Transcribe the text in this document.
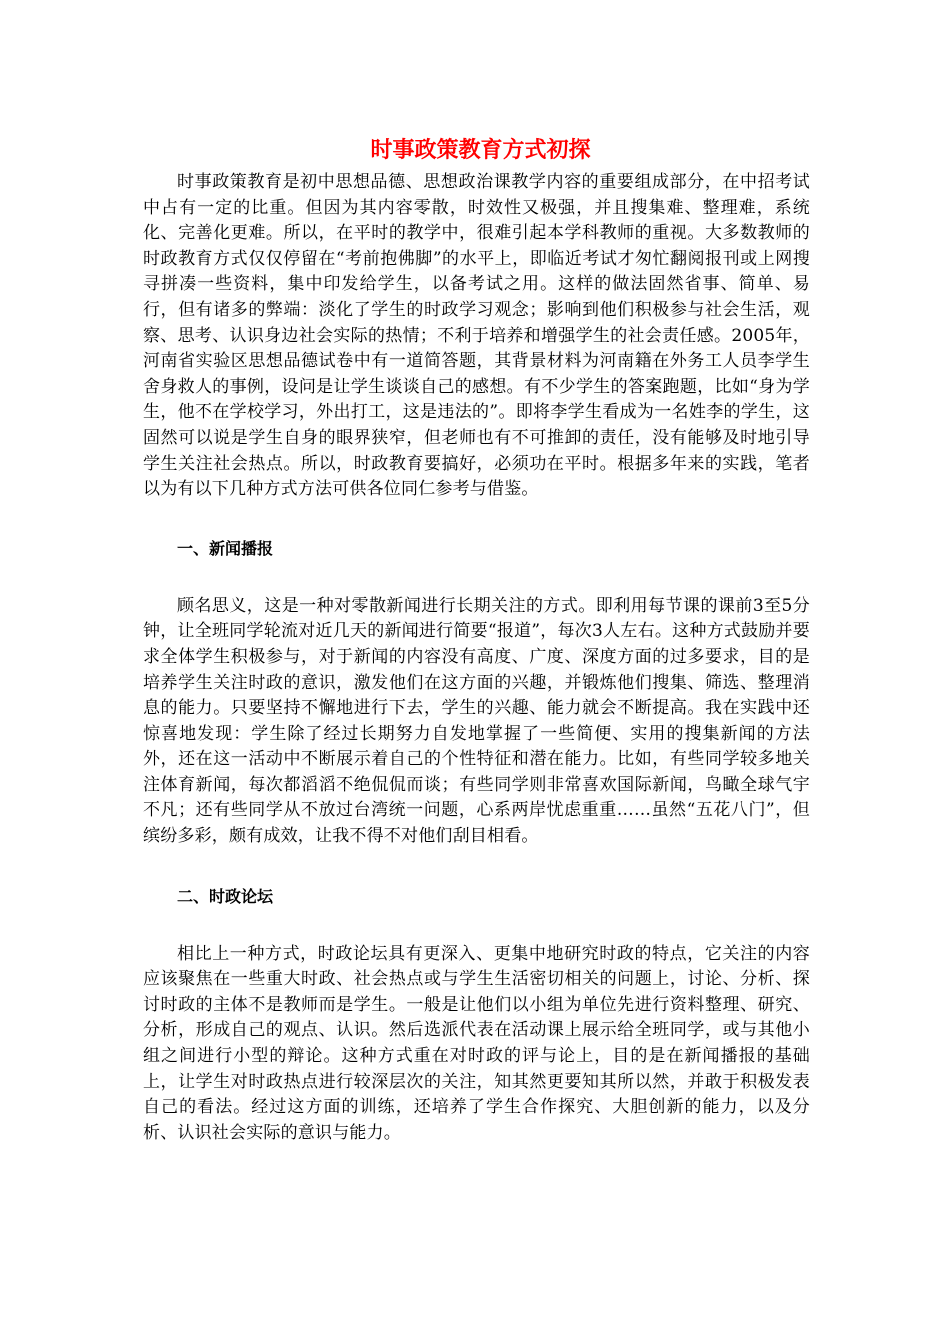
时事政策教育方式初探

时事政策教育是初中思想品德、思想政治课教学内容的重要组成部分，在中招考试中占有一定的比重。但因为其内容零散，时效性又极强，并且搜集难、整理难，系统化、完善化更难。所以，在平时的教学中，很难引起本学科教师的重视。大多数教师的时政教育方式仅仅停留在“考前抱佛脚”的水平上，即临近考试才匆忙翻阅报刊或上网搜寻拼凑一些资料，集中印发给学生，以备考试之用。这样的做法固然省事、简单、易行，但有诸多的弊端：淡化了学生的时政学习观念；影响到他们积极参与社会生活，观察、思考、认识身边社会实际的热情；不利于培养和增强学生的社会责任感。2005年，河南省实验区思想品德试卷中有一道简答题，其背景材料为河南籍在外务工人员李学生舍身救人的事例，设问是让学生谈谈自己的感想。有不少学生的答案跑题，比如“身为学生，他不在学校学习，外出打工，这是违法的”。即将李学生看成为一名姓李的学生，这固然可以说是学生自身的眼界狭窄，但老师也有不可推卸的责任，没有能够及时地引导学生关注社会热点。所以，时政教育要搞好，必须功在平时。根据多年来的实践，笔者以为有以下几种方式方法可供各位同仁参考与借鉴。

一、新闻播报

顾名思义，这是一种对零散新闻进行长期关注的方式。即利用每节课的课前3至5分钟，让全班同学轮流对近几天的新闻进行简要“报道”，每次3人左右。这种方式鼓励并要求全体学生积极参与，对于新闻的内容没有高度、广度、深度方面的过多要求，目的是培养学生关注时政的意识，激发他们在这方面的兴趣，并锻炼他们搜集、筛选、整理消息的能力。只要坚持不懈地进行下去，学生的兴趣、能力就会不断提高。我在实践中还惊喜地发现：学生除了经过长期努力自发地掌握了一些简便、实用的搜集新闻的方法外，还在这一活动中不断展示着自己的个性特征和潜在能力。比如，有些同学较多地关注体育新闻，每次都滔滔不绝侃侃而谈；有些同学则非常喜欢国际新闻，鸟瞰全球气宇不凡；还有些同学从不放过台湾统一问题，心系两岸忧虑重重……虽然“五花八门”，但缤纷多彩，颇有成效，让我不得不对他们刮目相看。

二、时政论坛

相比上一种方式，时政论坛具有更深入、更集中地研究时政的特点，它关注的内容应该聚焦在一些重大时政、社会热点或与学生生活密切相关的问题上，讨论、分析、探讨时政的主体不是教师而是学生。一般是让他们以小组为单位先进行资料整理、研究、分析，形成自己的观点、认识。然后选派代表在活动课上展示给全班同学，或与其他小组之间进行小型的辩论。这种方式重在对时政的评与论上，目的是在新闻播报的基础上，让学生对时政热点进行较深层次的关注，知其然更要知其所以然，并敢于积极发表自己的看法。经过这方面的训练，还培养了学生合作探究、大胆创新的能力，以及分析、认识社会实际的意识与能力。
